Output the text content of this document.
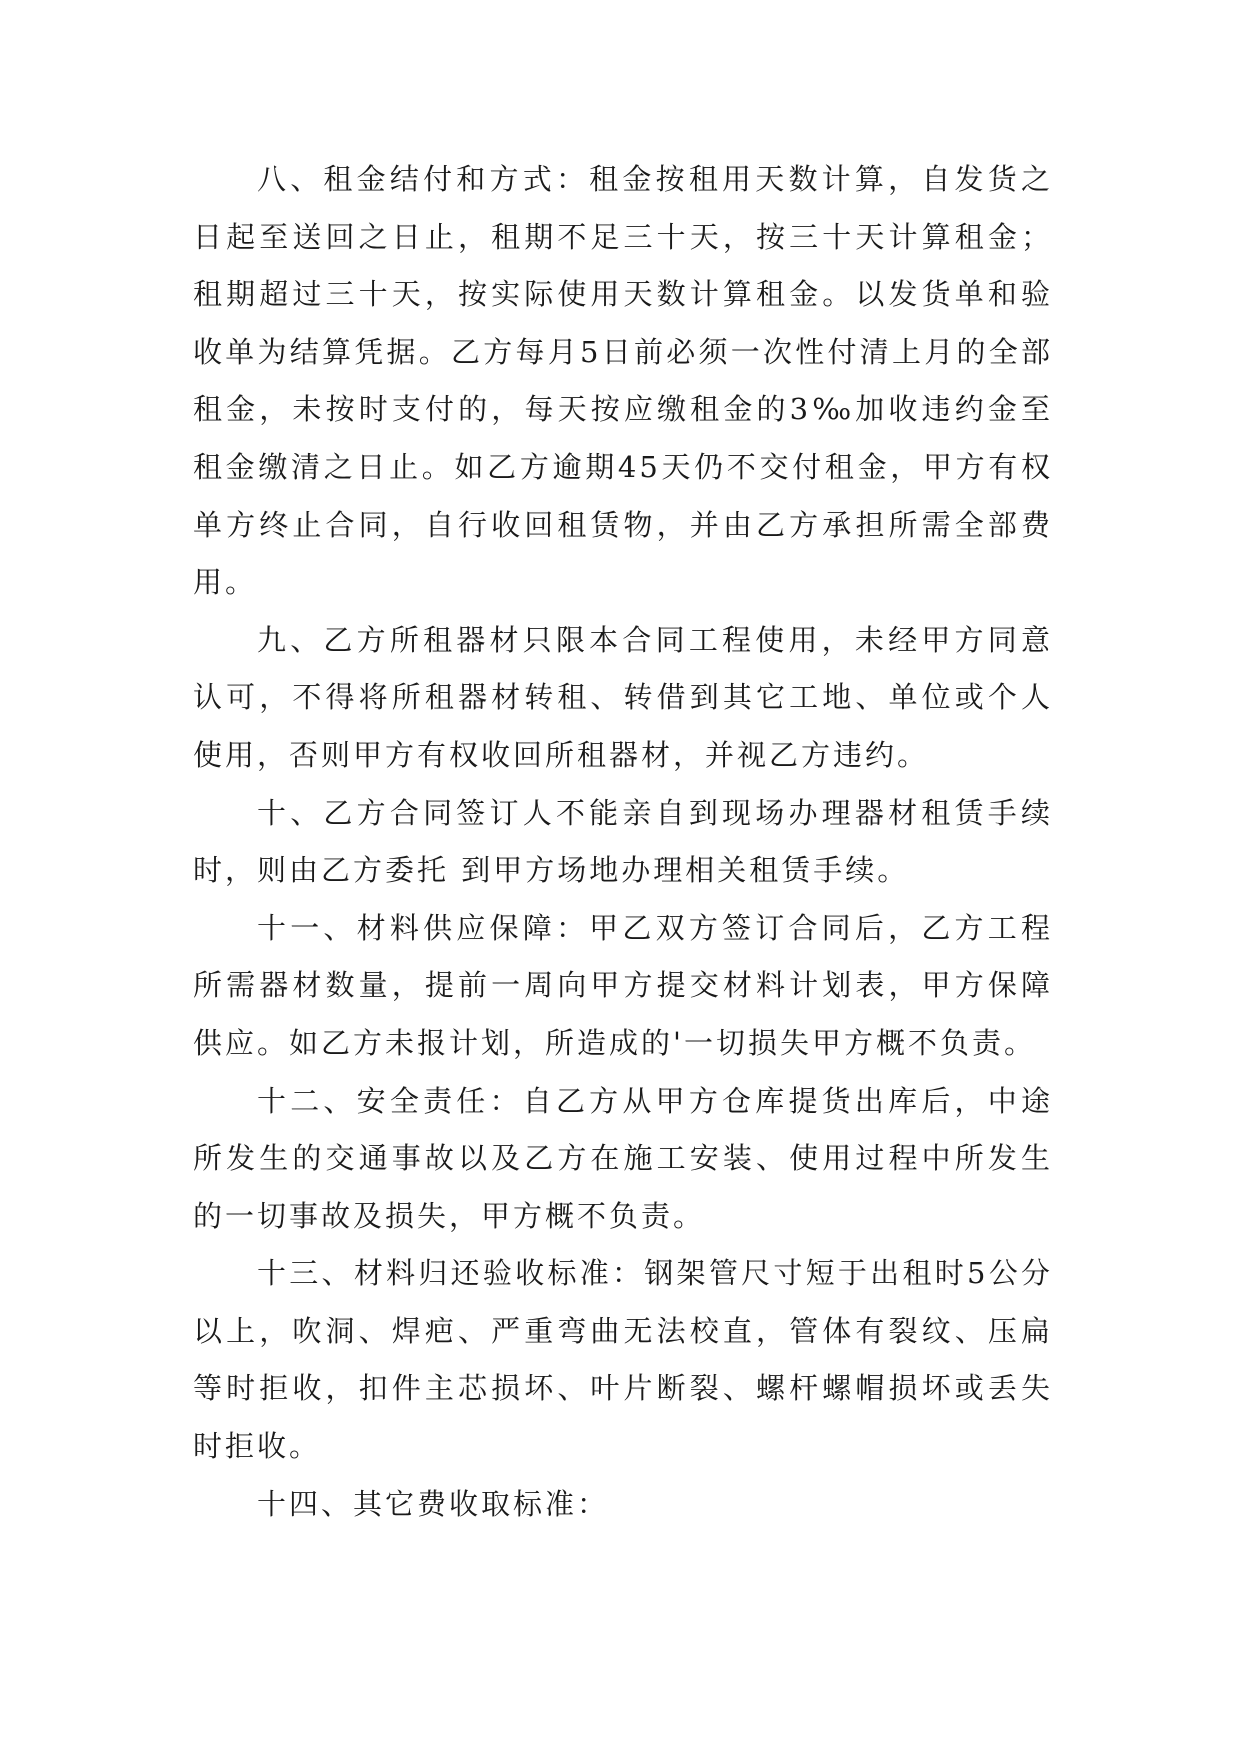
八、租金结付和方式：租金按租用天数计算，自发货之日起至送回之日止，租期不足三十天，按三十天计算租金；租期超过三十天，按实际使用天数计算租金。以发货单和验收单为结算凭据。乙方每月5日前必须一次性付清上月的全部租金，未按时支付的，每天按应缴租金的3‰加收违约金至租金缴清之日止。如乙方逾期45天仍不交付租金，甲方有权单方终止合同，自行收回租赁物，并由乙方承担所需全部费用。

九、乙方所租器材只限本合同工程使用，未经甲方同意认可，不得将所租器材转租、转借到其它工地、单位或个人使用，否则甲方有权收回所租器材，并视乙方违约。

十、乙方合同签订人不能亲自到现场办理器材租赁手续时，则由乙方委托 到甲方场地办理相关租赁手续。

十一、材料供应保障：甲乙双方签订合同后，乙方工程所需器材数量，提前一周向甲方提交材料计划表，甲方保障供应。如乙方未报计划，所造成的'一切损失甲方概不负责。

十二、安全责任：自乙方从甲方仓库提货出库后，中途所发生的交通事故以及乙方在施工安装、使用过程中所发生的一切事故及损失，甲方概不负责。

十三、材料归还验收标准：钢架管尺寸短于出租时5公分以上，吹洞、焊疤、严重弯曲无法校直，管体有裂纹、压扁等时拒收，扣件主芯损坏、叶片断裂、螺杆螺帽损坏或丢失时拒收。

十四、其它费收取标准：
